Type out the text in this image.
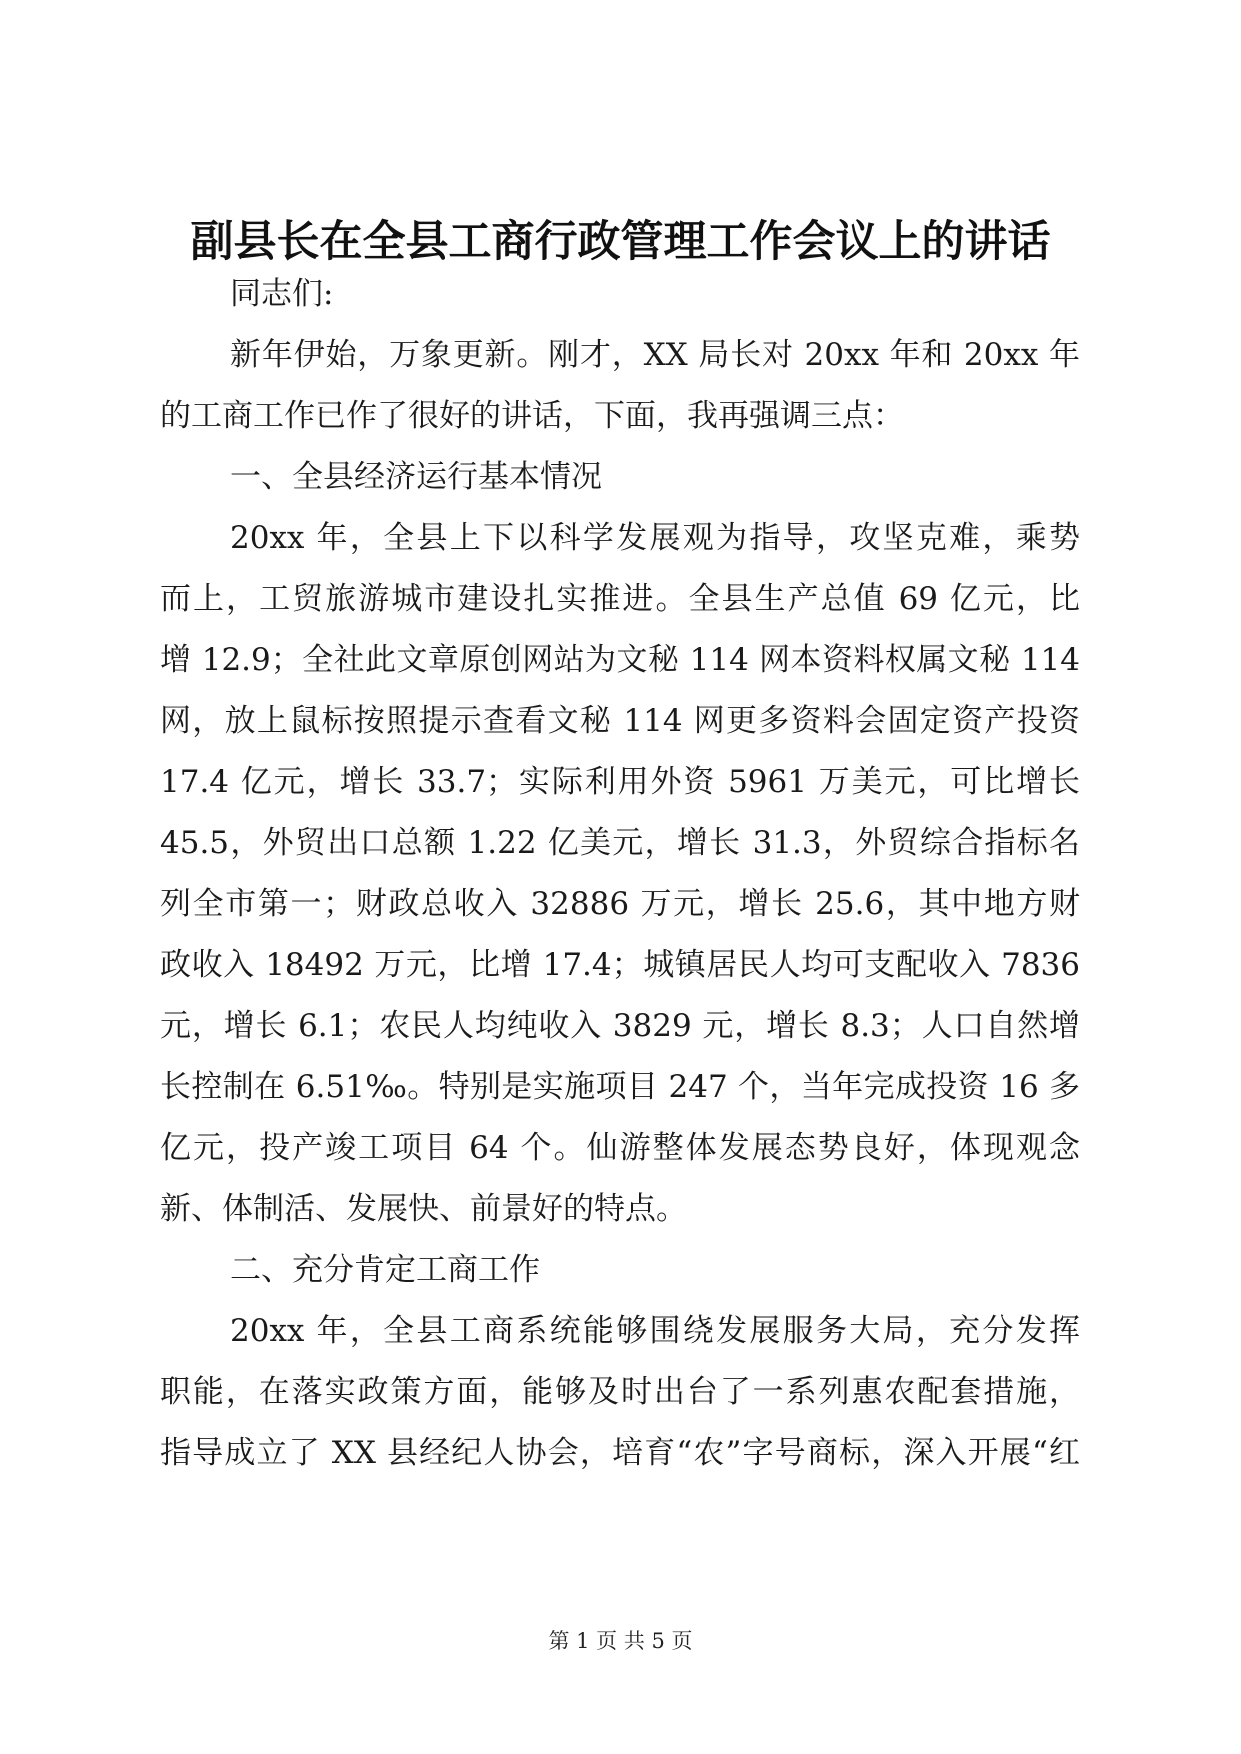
副县长在全县工商行政管理工作会议上的讲话

同志们:

新年伊始，万象更新。刚才，XX 局长对 20xx 年和 20xx 年

的工商工作已作了很好的讲话，下面，我再强调三点：

一、全县经济运行基本情况

20xx 年，全县上下以科学发展观为指导，攻坚克难，乘势

而上，工贸旅游城市建设扎实推进。全县生产总值 69 亿元，比

增 12.9；全社此文章原创网站为文秘 114 网本资料权属文秘 114

网，放上鼠标按照提示查看文秘 114 网更多资料会固定资产投资

17.4 亿元，增长 33.7；实际利用外资 5961 万美元，可比增长

45.5，外贸出口总额 1.22 亿美元，增长 31.3，外贸综合指标名

列全市第一；财政总收入 32886 万元，增长 25.6，其中地方财

政收入 18492 万元，比增 17.4；城镇居民人均可支配收入 7836

元，增长 6.1；农民人均纯收入 3829 元，增长 8.3；人口自然增

长控制在 6.51‰。特别是实施项目 247 个，当年完成投资 16 多

亿元，投产竣工项目 64 个。仙游整体发展态势良好，体现观念

新、体制活、发展快、前景好的特点。

二、充分肯定工商工作

20xx 年，全县工商系统能够围绕发展服务大局，充分发挥

职能，在落实政策方面，能够及时出台了一系列惠农配套措施，

指导成立了 XX 县经纪人协会，培育“农”字号商标，深入开展“红

第 1 页 共 5 页
